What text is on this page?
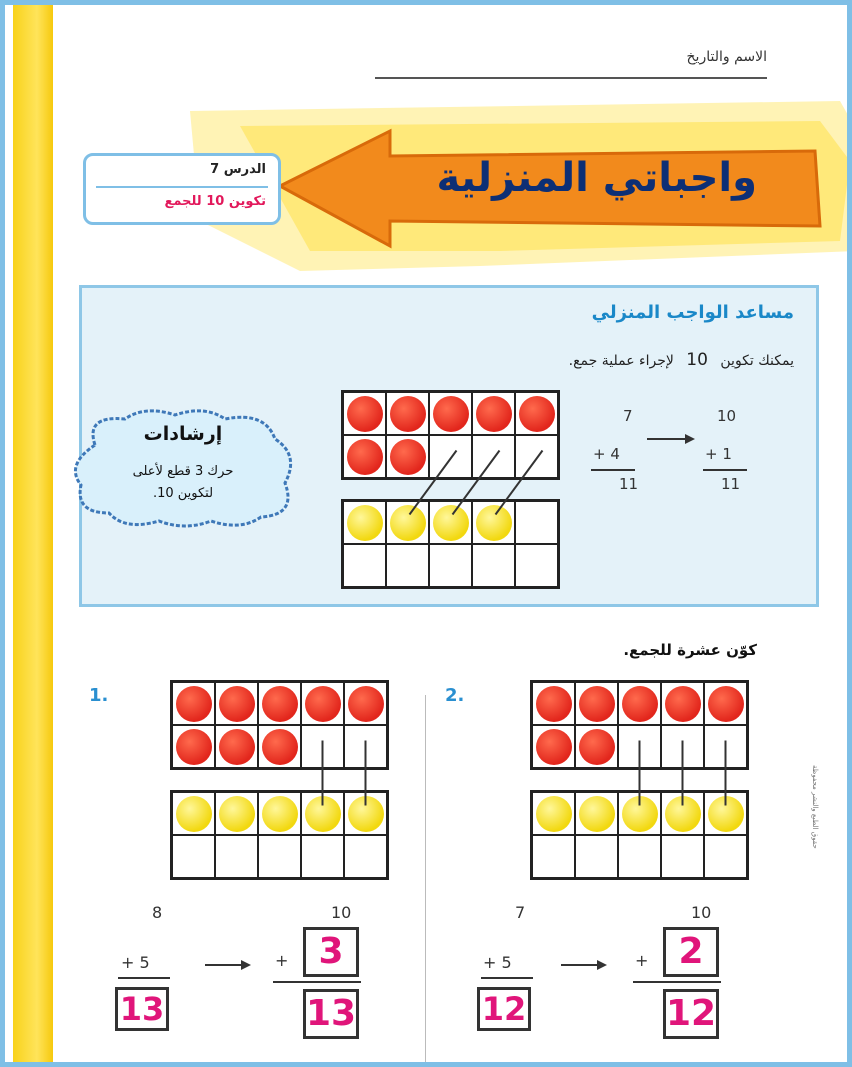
الاسم والتاريخ
واجباتي المنزلية
الدرس 7
تكوين 10 للجمع
مساعد الواجب المنزلي
يمكنك تكوين 10 لإجراء عملية جمع.
إرشادات
حرك 3 قطع لأعلى
لتكوين 10.
7
+ 4
11
10
+ 1
11
كوّن عشرة للجمع.
1.
8
+ 5
13
10
+ 3
13
2.
7
+ 5
12
10
+ 2
12
حقوق الطبع والنشر محفوظة
